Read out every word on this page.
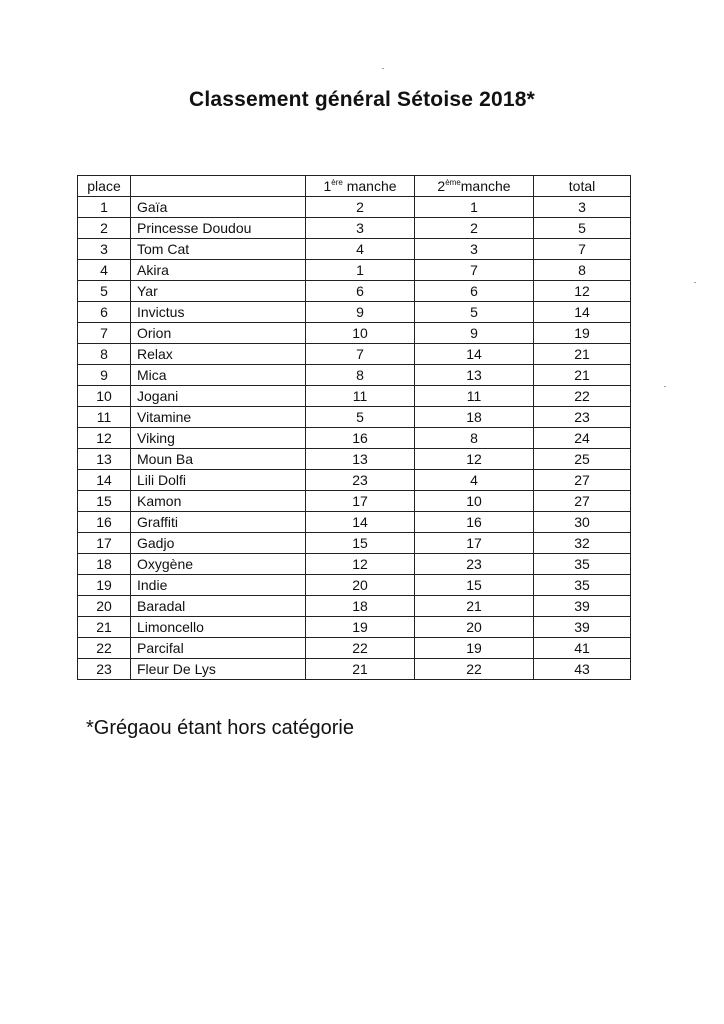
Classement général Sétoise 2018*
place		1ère manche	2èmemanche	total
1	Gaïa	2	1	3
2	Princesse Doudou	3	2	5
3	Tom Cat	4	3	7
4	Akira	1	7	8
5	Yar	6	6	12
6	Invictus	9	5	14
7	Orion	10	9	19
8	Relax	7	14	21
9	Mica	8	13	21
10	Jogani	11	11	22
11	Vitamine	5	18	23
12	Viking	16	8	24
13	Moun Ba	13	12	25
14	Lili Dolfi	23	4	27
15	Kamon	17	10	27
16	Graffiti	14	16	30
17	Gadjo	15	17	32
18	Oxygène	12	23	35
19	Indie	20	15	35
20	Baradal	18	21	39
21	Limoncello	19	20	39
22	Parcifal	22	19	41
23	Fleur De Lys	21	22	43

*Grégaou étant hors catégorie
